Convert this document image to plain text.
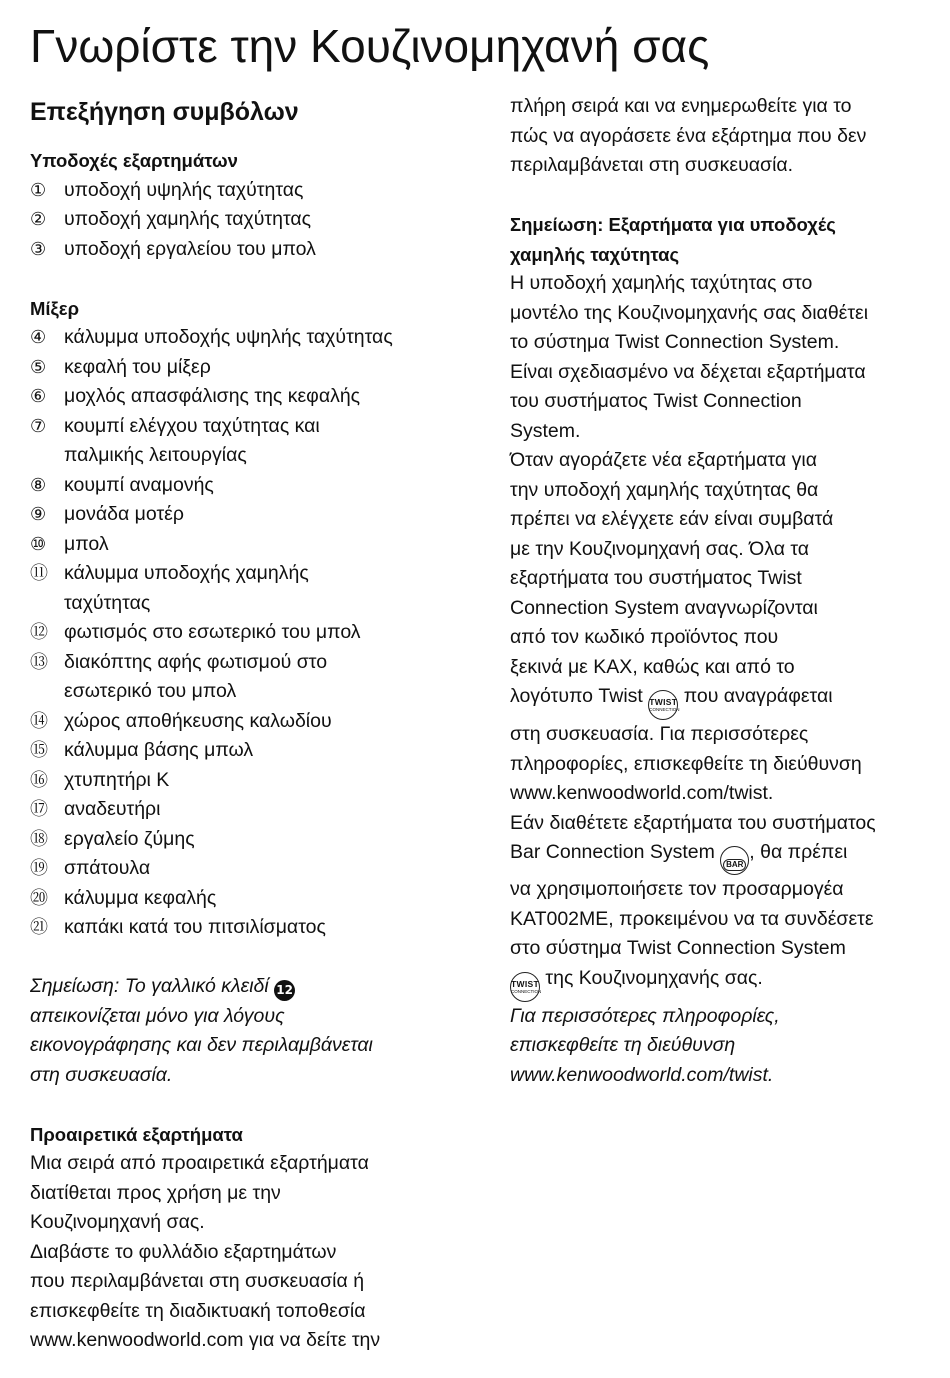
Γνωρίστε την Κουζινομηχανή σας
Επεξήγηση συμβόλων
Υποδοχές εξαρτημάτων
① υποδοχή υψηλής ταχύτητας
② υποδοχή χαμηλής ταχύτητας
③ υποδοχή εργαλείου του μπολ
Μίξερ
④ κάλυμμα υποδοχής υψηλής ταχύτητας
⑤ κεφαλή του μίξερ
⑥ μοχλός απασφάλισης της κεφαλής
⑦ κουμπί ελέγχου ταχύτητας και
παλμικής λειτουργίας
⑧ κουμπί αναμονής
⑨ μονάδα μοτέρ
⑩ μπολ
⑪ κάλυμμα υποδοχής χαμηλής
ταχύτητας
⑫ φωτισμός στο εσωτερικό του μπολ
⑬ διακόπτης αφής φωτισμού στο
εσωτερικό του μπολ
⑭ χώρος αποθήκευσης καλωδίου
⑮ κάλυμμα βάσης μπωλ
⑯ χτυπητήρι K
⑰ αναδευτήρι
⑱ εργαλείο ζύμης
⑲ σπάτουλα
⑳ κάλυμμα κεφαλής
㉑ καπάκι κατά του πιτσιλίσματος
Σημείωση: Το γαλλικό κλειδί 12
απεικονίζεται μόνο για λόγους
εικονογράφησης και δεν περιλαμβάνεται
στη συσκευασία.
Προαιρετικά εξαρτήματα
Μια σειρά από προαιρετικά εξαρτήματα
διατίθεται προς χρήση με την
Κουζινομηχανή σας.
Διαβάστε το φυλλάδιο εξαρτημάτων
που περιλαμβάνεται στη συσκευασία ή
επισκεφθείτε τη διαδικτυακή τοποθεσία
www.kenwoodworld.com για να δείτε την
πλήρη σειρά και να ενημερωθείτε για το
πώς να αγοράσετε ένα εξάρτημα που δεν
περιλαμβάνεται στη συσκευασία.
Σημείωση: Εξαρτήματα για υποδοχές
χαμηλής ταχύτητας
Η υποδοχή χαμηλής ταχύτητας στο
μοντέλο της Κουζινομηχανής σας διαθέτει
το σύστημα Twist Connection System.
Είναι σχεδιασμένο να δέχεται εξαρτήματα
του συστήματος Twist Connection
System.
Όταν αγοράζετε νέα εξαρτήματα για
την υποδοχή χαμηλής ταχύτητας θα
πρέπει να ελέγχετε εάν είναι συμβατά
με την Κουζινομηχανή σας. Όλα τα
εξαρτήματα του συστήματος Twist
Connection System αναγνωρίζονται
από τον κωδικό προϊόντος που
ξεκινά με KAX, καθώς και από το
λογότυπο Twist TWIST
CONNECTION
που αναγράφεται
στη συσκευασία. Για περισσότερες
πληροφορίες, επισκεφθείτε τη διεύθυνση
www.kenwoodworld.com/twist.
Εάν διαθέτετε εξαρτήματα του συστήματος
Bar Connection System BAR, θα πρέπει
να χρησιμοποιήσετε τον προσαρμογέα
KAT002ME, προκειμένου να τα συνδέσετε
στο σύστημα Twist Connection System
TWIST
CONNECTION
της Κουζινομηχανής σας.
Για περισσότερες πληροφορίες,
επισκεφθείτε τη διεύθυνση
www.kenwoodworld.com/twist.
